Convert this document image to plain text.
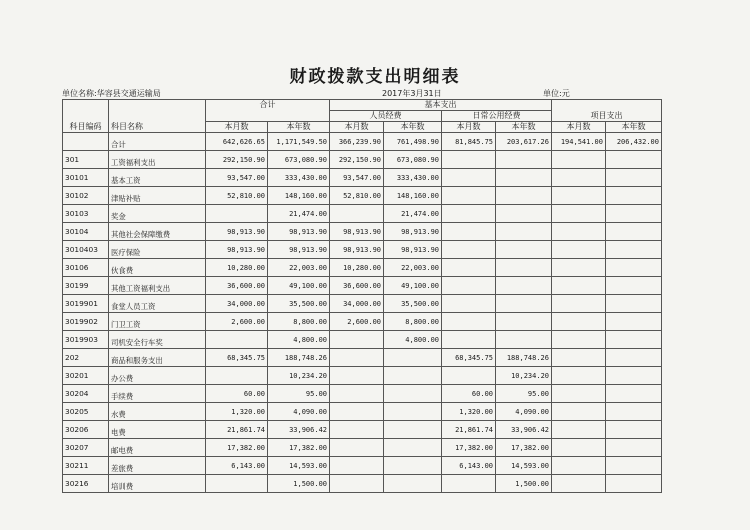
财政拨款支出明细表
单位名称:华容县交通运输局	2017年3月31日	单位:元
科目编码	科目名称	合计		基本支出				项目支出	
				人员经费		日常公用经费			
		本月数	本年数	本月数	本年数	本月数	本年数	本月数	本年数
	合计	642,626.65	1,171,549.50	366,239.90	761,498.90	81,845.75	203,617.26	194,541.00	206,432.00
301	工资福利支出	292,150.90	673,080.90	292,150.90	673,080.90				
30101	基本工资	93,547.00	333,430.00	93,547.00	333,430.00				
30102	津贴补贴	52,810.00	148,160.00	52,810.00	148,160.00				
30103	奖金		21,474.00		21,474.00				
30104	其他社会保障缴费	98,913.90	98,913.90	98,913.90	98,913.90				
3010403	医疗保险	98,913.90	98,913.90	98,913.90	98,913.90				
30106	伙食费	10,280.00	22,003.00	10,280.00	22,003.00				
30199	其他工资福利支出	36,600.00	49,100.00	36,600.00	49,100.00				
3019901	食堂人员工资	34,000.00	35,500.00	34,000.00	35,500.00				
3019902	门卫工资	2,600.00	8,800.00	2,600.00	8,800.00				
3019903	司机安全行车奖		4,800.00		4,800.00				
202	商品和服务支出	68,345.75	188,748.26			68,345.75	188,748.26		
30201	办公费		10,234.20				10,234.20		
30204	手续费	60.00	95.00			60.00	95.00		
30205	水费	1,320.00	4,090.00			1,320.00	4,090.00		
30206	电费	21,861.74	33,906.42			21,861.74	33,906.42		
30207	邮电费	17,382.00	17,382.00			17,382.00	17,382.00		
30211	差旅费	6,143.00	14,593.00			6,143.00	14,593.00		
30216	培训费		1,500.00				1,500.00		
